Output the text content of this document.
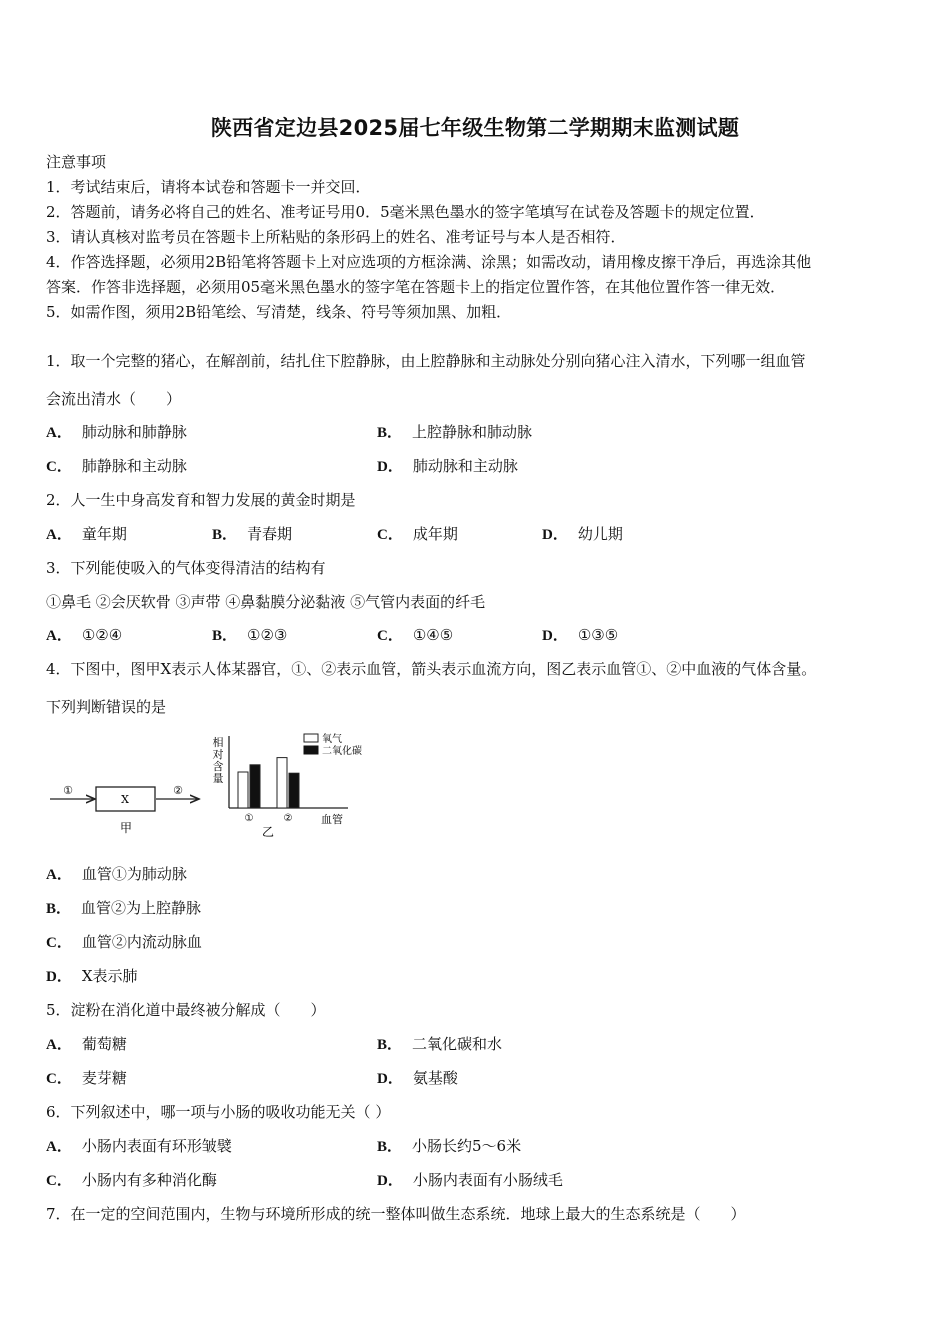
陕西省定边县2025届七年级生物第二学期期末监测试题
注意事项
1．考试结束后，请将本试卷和答题卡一并交回．
2．答题前，请务必将自己的姓名、准考证号用0．5毫米黑色墨水的签字笔填写在试卷及答题卡的规定位置．
3．请认真核对监考员在答题卡上所粘贴的条形码上的姓名、准考证号与本人是否相符．
4．作答选择题，必须用2B铅笔将答题卡上对应选项的方框涂满、涂黑；如需改动，请用橡皮擦干净后，再选涂其他
答案．作答非选择题，必须用05毫米黑色墨水的签字笔在答题卡上的指定位置作答，在其他位置作答一律无效．
5．如需作图，须用2B铅笔绘、写清楚，线条、符号等须加黑、加粗．
1．取一个完整的猪心，在解剖前，结扎住下腔静脉，由上腔静脉和主动脉处分别向猪心注入清水，下列哪一组血管
会流出清水（　　）
A． 肺动脉和肺静脉	B． 上腔静脉和肺动脉
C． 肺静脉和主动脉	D． 肺动脉和主动脉
2．人一生中身高发育和智力发展的黄金时期是
A． 童年期	B． 青春期	C． 成年期	D． 幼儿期
3．下列能使吸入的气体变得清洁的结构有
①鼻毛 ②会厌软骨 ③声带 ④鼻黏膜分泌黏液 ⑤气管内表面的纤毛
A． ①②④	B． ①②③	C． ①④⑤	D． ①③⑤
4．下图中，图甲X表示人体某器官，①、②表示血管，箭头表示血流方向，图乙表示血管①、②中血液的气体含量。
下列判断错误的是
①
X
②
甲
相
对
含
量
①	②	血管
乙
氧气
二氧化碳
A． 血管①为肺动脉
B． 血管②为上腔静脉
C． 血管②内流动脉血
D． X表示肺
5．淀粉在消化道中最终被分解成（　　）
A． 葡萄糖	B． 二氧化碳和水
C． 麦芽糖	D． 氨基酸
6．下列叙述中，哪一项与小肠的吸收功能无关（ ）
A． 小肠内表面有环形皱襞	B． 小肠长约5～6米
C． 小肠内有多种消化酶	D． 小肠内表面有小肠绒毛
7．在一定的空间范围内，生物与环境所形成的统一整体叫做生态系统．地球上最大的生态系统是（　　）
